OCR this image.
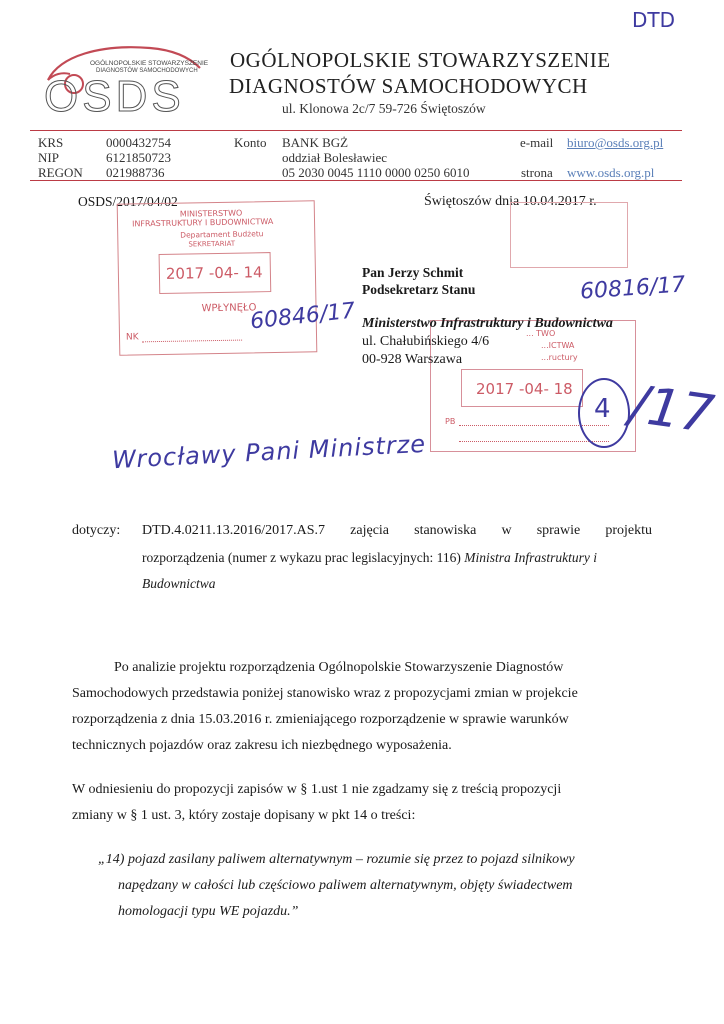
DTD
OGÓLNOPOLSKIE STOWARZYSZENIE
DIAGNOSTÓW SAMOCHODOWYCH
OSDS
OGÓLNOPOLSKIE STOWARZYSZENIE
DIAGNOSTÓW SAMOCHODOWYCH
ul. Klonowa 2c/7 59-726 Świętoszów
KRS
NIP
REGON
0000432754
6121850723
021988736
Konto BANK BGŻ
oddział Bolesławiec
05 2030 0045 1110 0000 0250 6010
e-mail biuro@osds.org.pl
strona www.osds.org.pl
OSDS/2017/04/02	Świętoszów dnia 10.04.2017 r.
MINISTERSTWO
INFRASTRUKTURY I BUDOWNICTWA
Departament Budżetu
SEKRETARIAT
2017 -04- 14
WPŁYNĘŁO
NK	... TWO
...ICTWA
...ructury
2017 -04- 18
PB
Pan Jerzy Schmit
Podsekretarz Stanu
Ministerstwo Infrastruktury i Budownictwa
ul. Chałubińskiego 4/6
00-928 Warszawa
60846/17
60816/17
Wrocławy Pani Ministrze
4 /17
dotyczy: DTD.4.0211.13.2016/2017.AS.7 zajęcia stanowiska w sprawie projektu
rozporządzenia (numer z wykazu prac legislacyjnych: 116) Ministra Infrastruktury i
Budownictwa
Po analizie projektu rozporządzenia Ogólnopolskie Stowarzyszenie Diagnostów
Samochodowych przedstawia poniżej stanowisko wraz z propozycjami zmian w projekcie
rozporządzenia z dnia 15.03.2016 r. zmieniającego rozporządzenie w sprawie warunków
technicznych pojazdów oraz zakresu ich niezbędnego wyposażenia.
W odniesieniu do propozycji zapisów w § 1.ust 1 nie zgadzamy się z treścią propozycji
zmiany w § 1 ust. 3, który zostaje dopisany w pkt 14 o treści:
„14) pojazd zasilany paliwem alternatywnym – rozumie się przez to pojazd silnikowy
napędzany w całości lub częściowo paliwem alternatywnym, objęty świadectwem
homologacji typu WE pojazdu.”
